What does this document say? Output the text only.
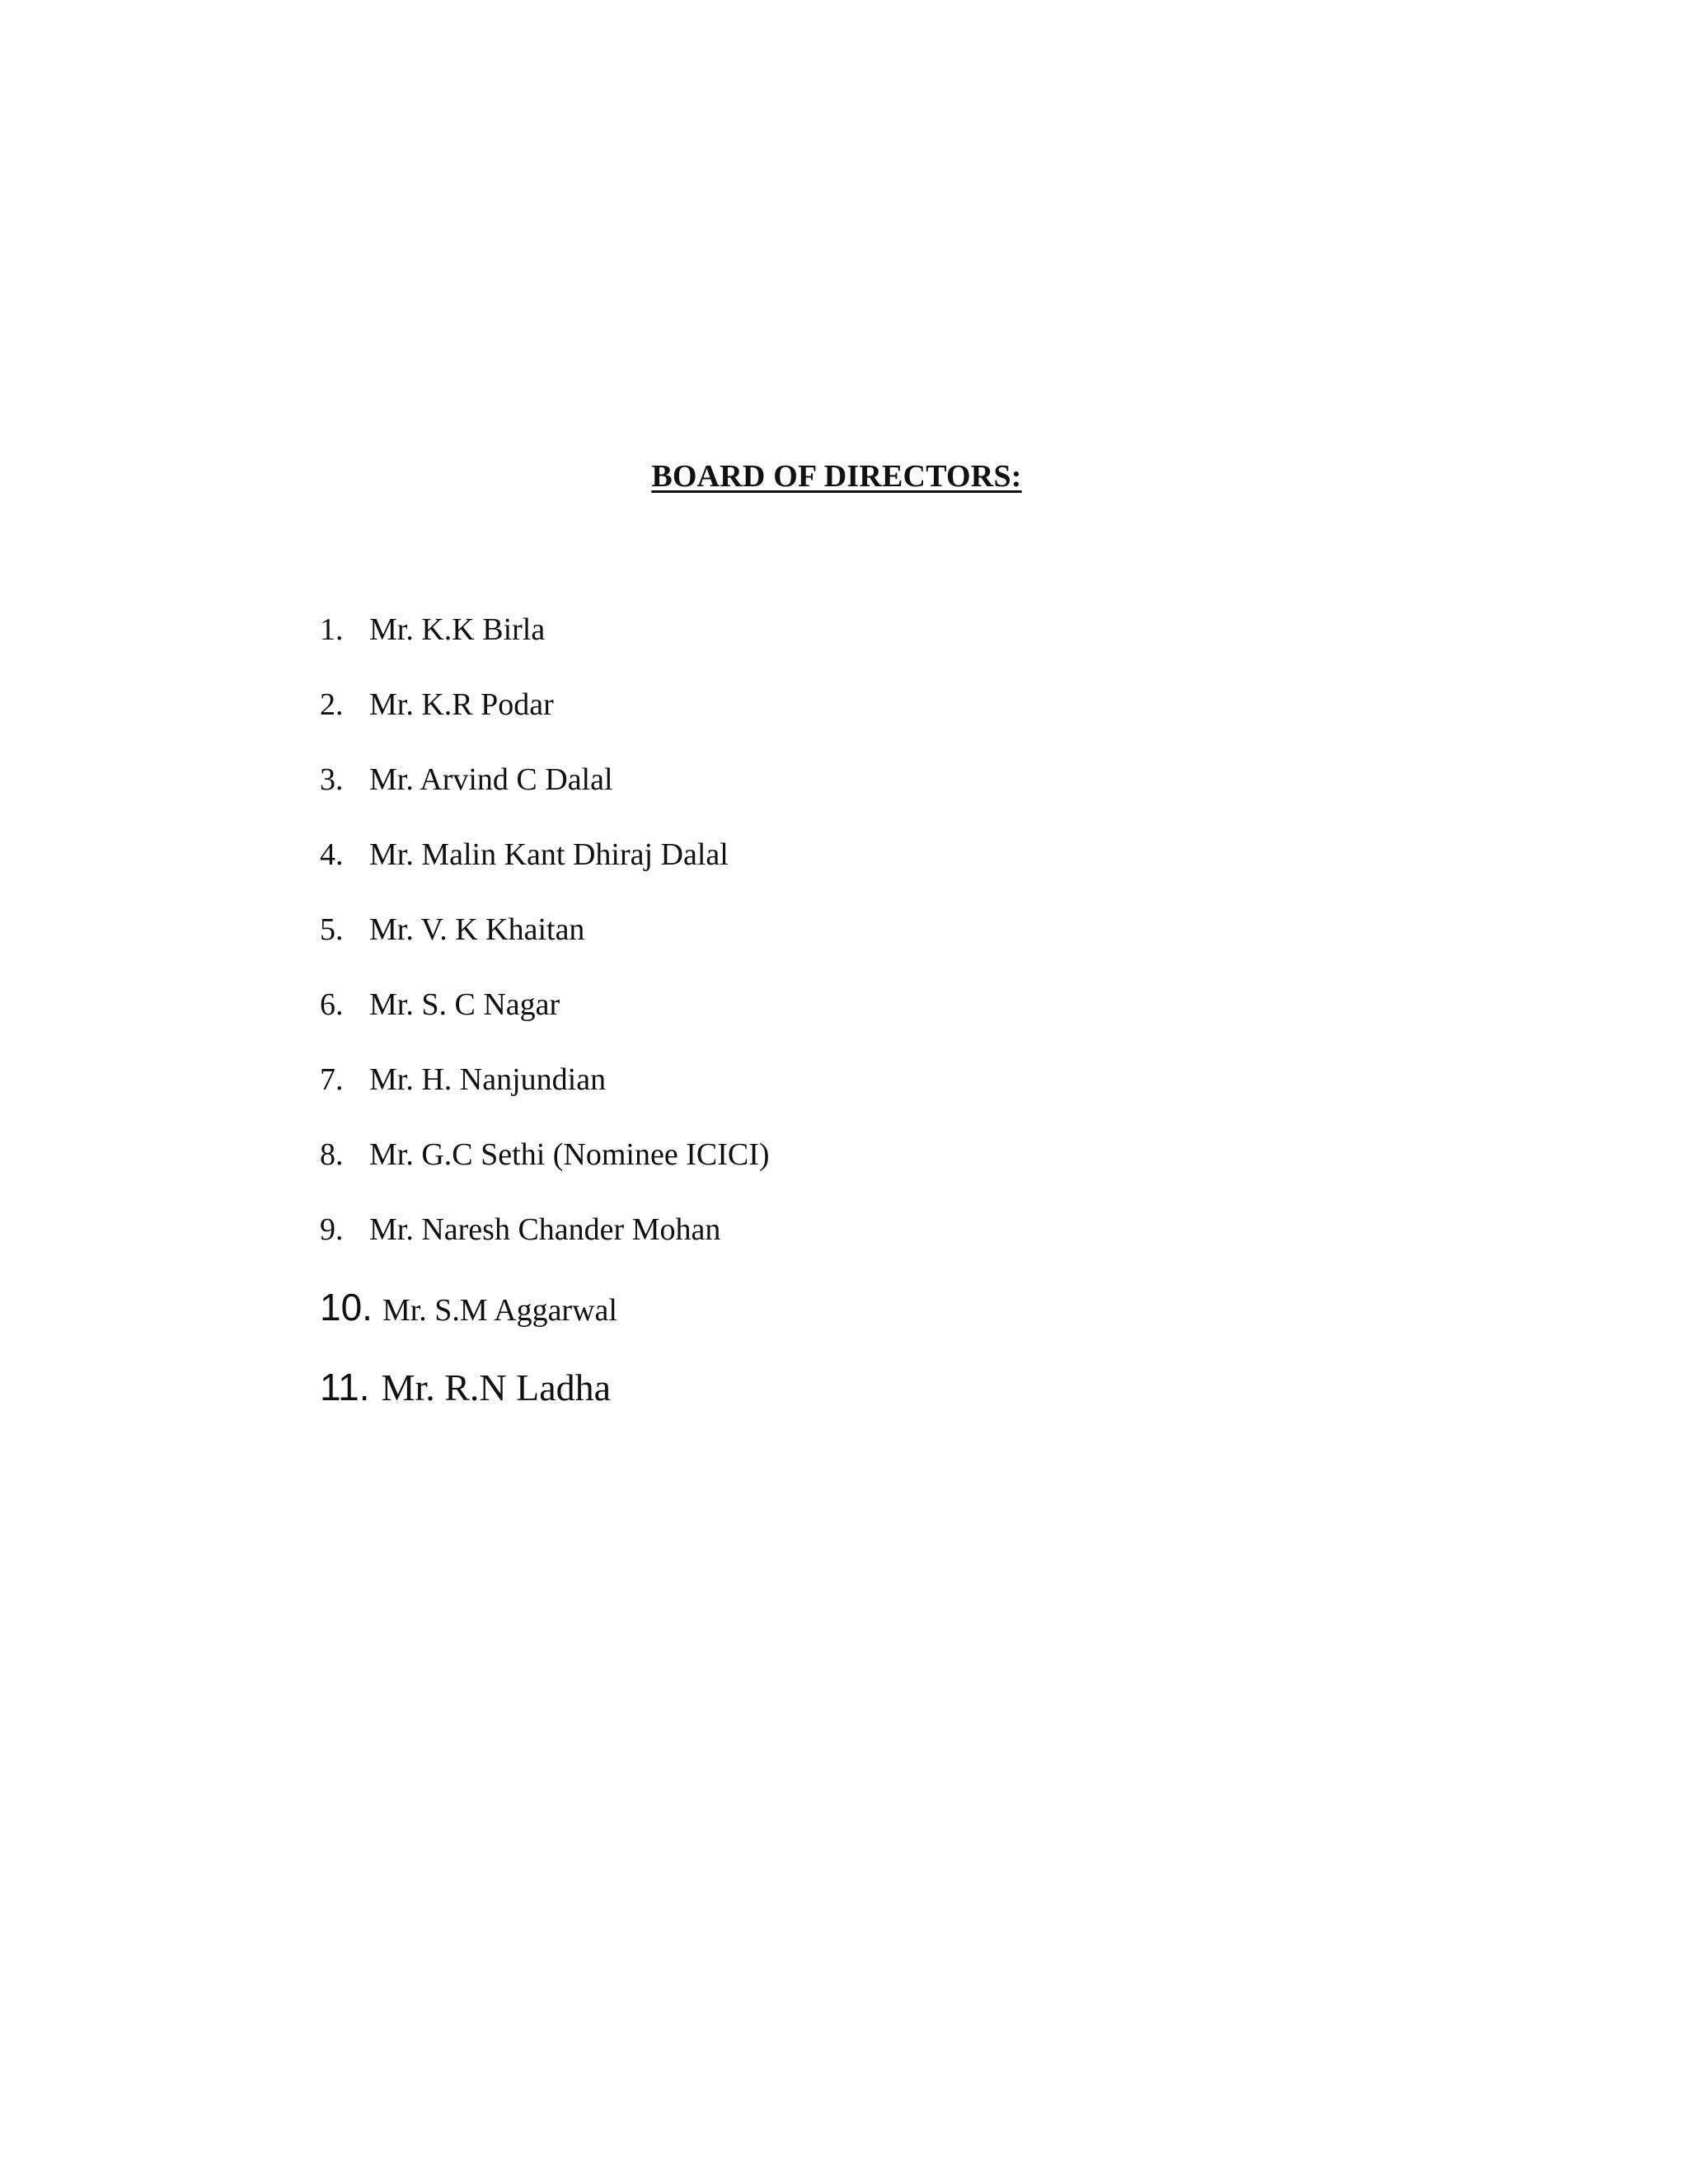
BOARD OF DIRECTORS:
1. Mr. K.K Birla
2. Mr. K.R Podar
3. Mr. Arvind C Dalal
4. Mr. Malin Kant Dhiraj Dalal
5. Mr. V. K Khaitan
6. Mr. S. C Nagar
7. Mr. H. Nanjundian
8. Mr. G.C Sethi (Nominee ICICI)
9. Mr. Naresh Chander Mohan
10. Mr. S.M Aggarwal
11. Mr. R.N Ladha
